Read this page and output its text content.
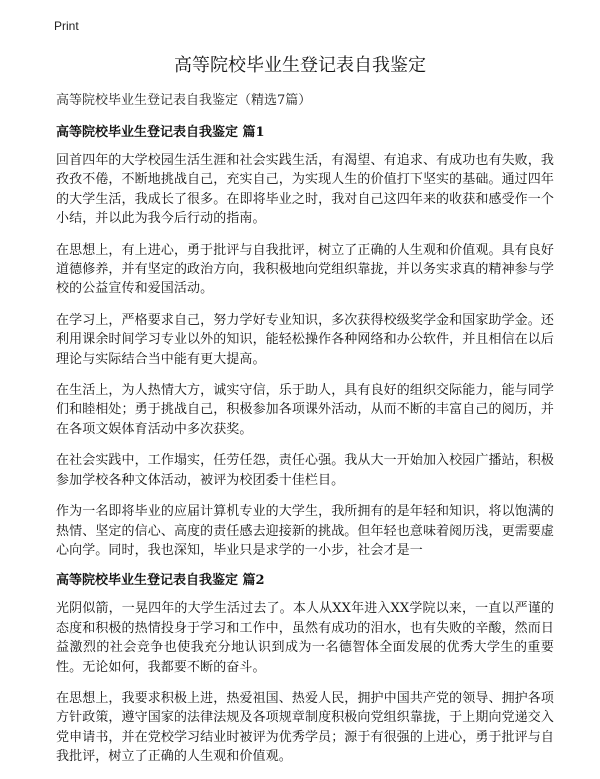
Print
高等院校毕业生登记表自我鉴定
高等院校毕业生登记表自我鉴定（精选7篇）
高等院校毕业生登记表自我鉴定 篇1

回首四年的大学校园生活生涯和社会实践生活，有渴望、有追求、有成功也有失败，我孜孜不倦，不断地挑战自己，充实自己，为实现人生的价值打下坚实的基础。通过四年的大学生活，我成长了很多。在即将毕业之时，我对自己这四年来的收获和感受作一个小结，并以此为我今后行动的指南。

在思想上，有上进心，勇于批评与自我批评，树立了正确的人生观和价值观。具有良好道德修养，并有坚定的政治方向，我积极地向党组织靠拢，并以务实求真的精神参与学校的公益宣传和爱国活动。

在学习上，严格要求自己，努力学好专业知识，多次获得校级奖学金和国家助学金。还利用课余时间学习专业以外的知识，能轻松操作各种网络和办公软件，并且相信在以后理论与实际结合当中能有更大提高。

在生活上，为人热情大方，诚实守信，乐于助人，具有良好的组织交际能力，能与同学们和睦相处；勇于挑战自己，积极参加各项课外活动，从而不断的丰富自己的阅历，并在各项文娱体育活动中多次获奖。

在社会实践中，工作塌实，任劳任怨，责任心强。我从大一开始加入校园广播站，积极参加学校各种文体活动，被评为校团委十佳栏目。

作为一名即将毕业的应届计算机专业的大学生，我所拥有的是年轻和知识，将以饱满的热情、坚定的信心、高度的责任感去迎接新的挑战。但年轻也意味着阅历浅，更需要虚心向学。同时，我也深知，毕业只是求学的一小步，社会才是一

高等院校毕业生登记表自我鉴定 篇2

光阴似箭，一晃四年的大学生活过去了。本人从XX年进入XX学院以来，一直以严谨的态度和积极的热情投身于学习和工作中，虽然有成功的泪水，也有失败的辛酸，然而日益激烈的社会竞争也使我充分地认识到成为一名德智体全面发展的优秀大学生的重要性。无论如何，我都要不断的奋斗。

在思想上，我要求积极上进，热爱祖国、热爱人民，拥护中国共产党的领导、拥护各项方针政策，遵守国家的法律法规及各项规章制度积极向党组织靠拢，于上期向党递交入党申请书，并在党校学习结业时被评为优秀学员；源于有很强的上进心，勇于批评与自我批评，树立了正确的人生观和价值观。
